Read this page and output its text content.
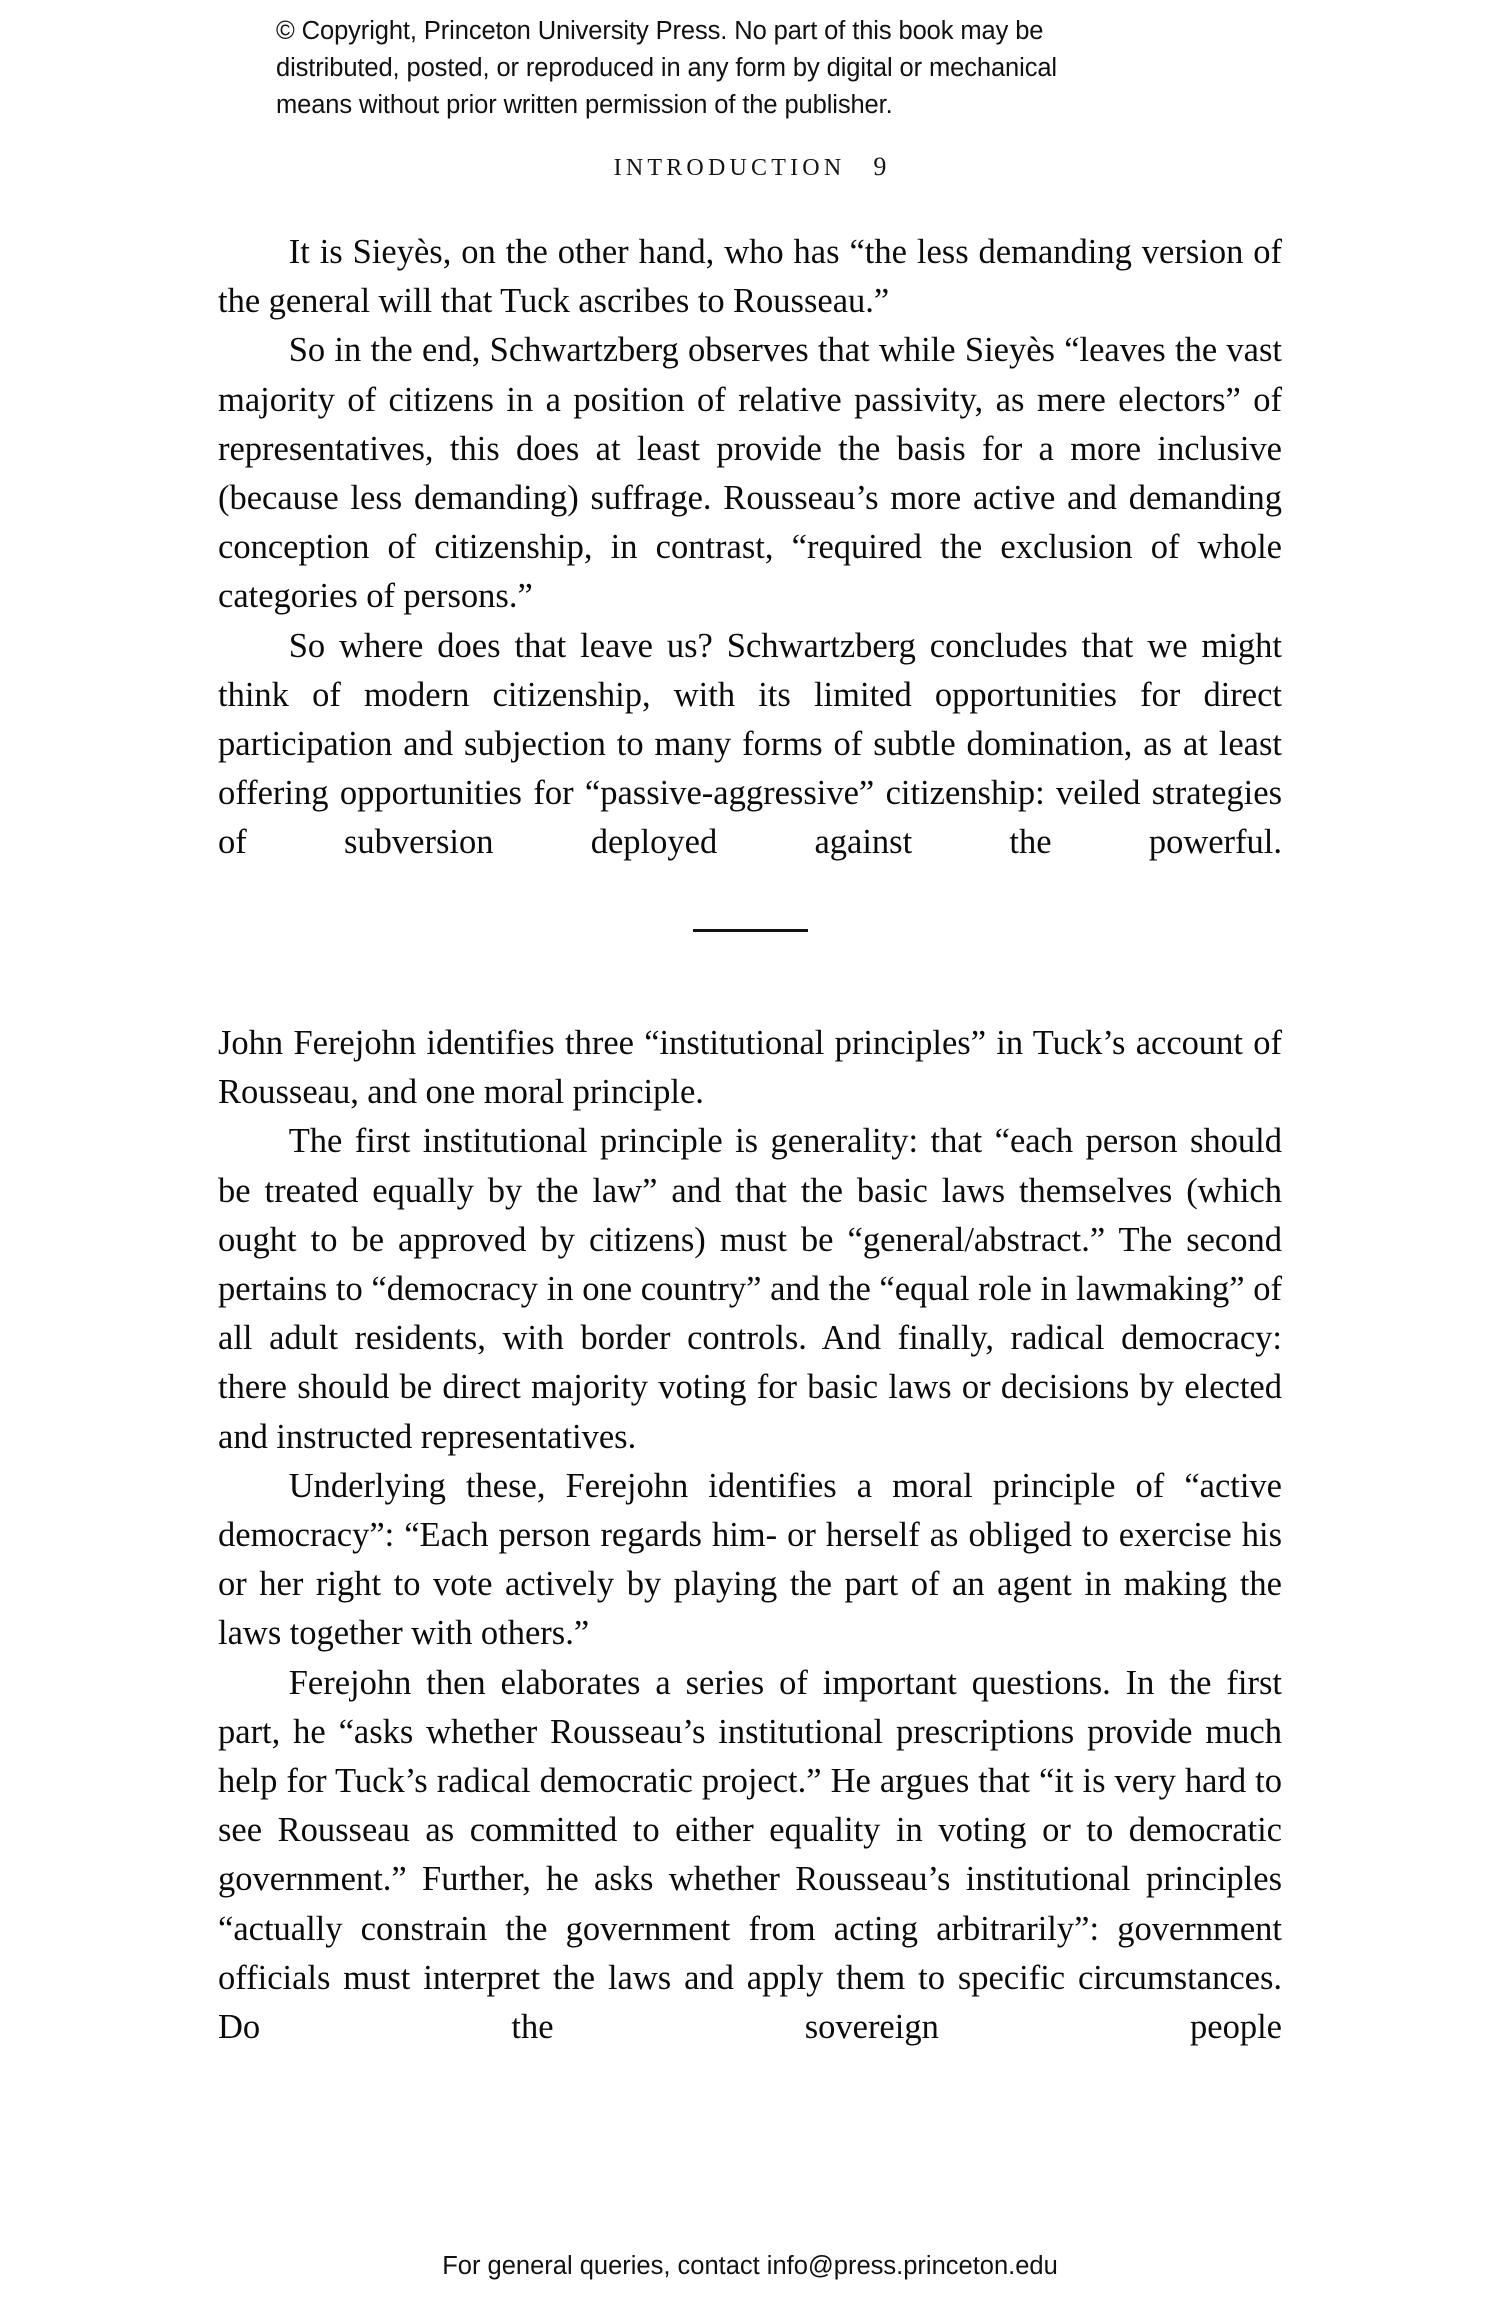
© Copyright, Princeton University Press. No part of this book may be
distributed, posted, or reproduced in any form by digital or mechanical
means without prior written permission of the publisher.
INTRODUCTION 9

It is Sieyès, on the other hand, who has “the less demanding version of the general will that Tuck ascribes to Rousseau.”

So in the end, Schwartzberg observes that while Sieyès “leaves the vast majority of citizens in a position of relative passivity, as mere electors” of representatives, this does at least provide the basis for a more inclusive (because less demanding) suffrage. Rousseau’s more active and demanding conception of citizenship, in contrast, “required the exclusion of whole categories of persons.”

So where does that leave us? Schwartzberg concludes that we might think of modern citizenship, with its limited opportunities for direct participation and subjection to many forms of subtle domination, as at least offering opportunities for “passive-aggressive” citizenship: veiled strategies of subversion deployed against the powerful.

John Ferejohn identifies three “institutional principles” in Tuck’s account of Rousseau, and one moral principle.

The first institutional principle is generality: that “each person should be treated equally by the law” and that the basic laws themselves (which ought to be approved by citizens) must be “general/abstract.” The second pertains to “democracy in one country” and the “equal role in lawmaking” of all adult residents, with border controls. And finally, radical democracy: there should be direct majority voting for basic laws or decisions by elected and instructed representatives.

Underlying these, Ferejohn identifies a moral principle of “active democracy”: “Each person regards him- or herself as obliged to exercise his or her right to vote actively by playing the part of an agent in making the laws together with others.”

Ferejohn then elaborates a series of important questions. In the first part, he “asks whether Rousseau’s institutional prescriptions provide much help for Tuck’s radical democratic project.” He argues that “it is very hard to see Rousseau as committed to either equality in voting or to democratic government.” Further, he asks whether Rousseau’s institutional principles “actually constrain the government from acting arbitrarily”: government officials must interpret the laws and apply them to specific circumstances. Do the sovereign people

For general queries, contact info@press.princeton.edu
